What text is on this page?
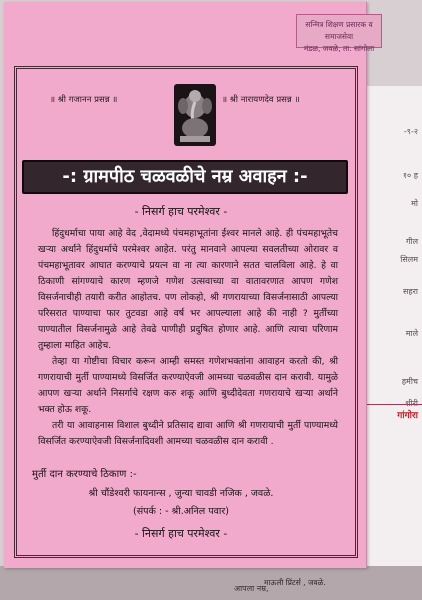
-९-२
१० ह
मो
गील
सिलम
सहरा
माले
हमीच
गांगोरा
आपला नम्र,
सन्मित्र शिक्षण प्रसारक व समाजसेवा
मंडळ, जवळे, ता. सांगोला
॥ श्री गजानन प्रसन्न ॥	॥ श्री नारायणदेव प्रसन्न ॥
-: ग्रामपीठ चळवळीचे नम्र अवाहन :-
- निसर्ग हाच परमेश्वर -

हिंदुधर्माचा पाया आहे वेद ,वेदामध्ये पंचमहाभूतांना ईश्वर मानले आहे. ही पंचमहाभूतेच खऱ्या अर्थाने हिंदुधर्माचे परमेश्वर आहेत. परंतु मानवाने आपल्या सवलतीच्या ओरावर व पंचमहाभूतावर आघात करण्याचे प्रयत्न वा ना त्या कारणाने सतत चालविला आहे. हे वा ठिकाणी सांगण्याचे कारण म्हणजे गणेश उत्सवाच्या वा वातावरणात आपण गणेश विसर्जनाचीही तयारी करीत आहोतच. पण लोकहो, श्री गणरायाच्या विसर्जनासाठी आपल्या परिसरात पाण्याचा फार तुटवडा आहे वर्ष भर आपल्याला आहे की नाही ? मुर्तीच्या पाण्यातील विसर्जनामुळे आहे तेवढे पाणीही प्रदुषित होणार आहे. आणि त्याचा परिणाम तुम्हाला माहित आहेच.

तेव्हा या गोष्टीचा विचार करून आम्ही समस्त गणेशभक्तांना आवाहन करतो की, श्री गणरायाची मुर्ती पाण्यामध्ये विसर्जित करण्याऐवजी आमच्या चळवळीस दान करावी. यामुळे आपण खऱ्या अर्थाने निसर्गाचे रक्षण करु शकू आणि बुध्दीदेवता गणरायाचे खऱ्या अर्थाने भक्त होऊ शकू.

तरी या आवाहनास विशाल बुध्दीने प्रतिसाद द्यावा आणि श्री गणरायाची मुर्ती पाण्यामध्ये विसर्जित करण्याऐवजी विसर्जनादिवशी आमच्या चळवळीस दान करावी .

मुर्ती दान करण्याचे ठिकाण :-
श्री चौंडेश्वरी फायनान्स , जुन्या चावडी नजिक , जवळे.
(संपर्क : - श्री.अनिल पवार)
- निसर्ग हाच परमेश्वर -
माऊली प्रिंटर्स , जवळे.
